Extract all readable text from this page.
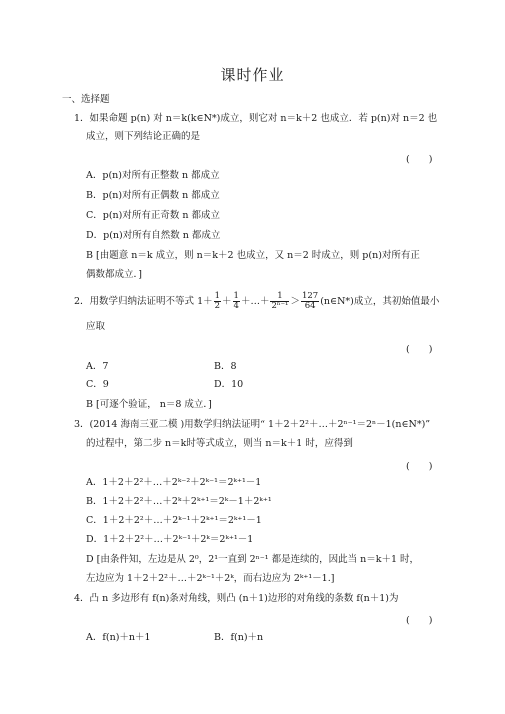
课时作业
一、选择题
1．如果命题 p(n) 对 n＝k(k∈N*)成立，则它对 n＝k＋2 也成立．若 p(n)对 n＝2 也
成立，则下列结论正确的是
(　　)
A．p(n)对所有正整数 n 都成立
B．p(n)对所有正偶数 n 都成立
C．p(n)对所有正奇数 n 都成立
D．p(n)对所有自然数 n 都成立
B [由题意 n＝k 成立，则 n＝k＋2 也成立，又 n＝2 时成立，则 p(n)对所有正
偶数都成立．]
2．用数学归纳法证明不等式 $1+ \frac{1}{2} + \frac{1}{4}$ ＋…＋ $\frac{1}{\text{2ⁿ⁻¹}} > \frac{127}{64}$ (n∈N*)成立，其初始值最小
应取
(　　)
A．7	B．8
C．9	D．10
B [可逐个验证， n＝8 成立．]
3．(2014 海南三亚二模 )用数学归纳法证明“ 1＋2＋2²＋…＋2ⁿ⁻¹＝2ⁿ－1(n∈N*)”
的过程中，第二步 n＝k时等式成立，则当 n＝k＋1 时，应得到
(　　)
A．1＋2＋2²＋…＋2ᵏ⁻²＋2ᵏ⁻¹＝2ᵏ⁺¹－1
B．1＋2＋2²＋…＋2ᵏ＋2ᵏ⁺¹＝2ᵏ－1＋2ᵏ⁺¹
C．1＋2＋2²＋…＋2ᵏ⁻¹＋2ᵏ⁺¹＝2ᵏ⁺¹－1
D．1＋2＋2²＋…＋2ᵏ⁻¹＋2ᵏ＝2ᵏ⁺¹－1
D [由条件知，左边是从 2⁰，2¹一直到 2ⁿ⁻¹ 都是连续的，因此当 n＝k＋1 时，
左边应为 1＋2＋2²＋…＋2ᵏ⁻¹＋2ᵏ，而右边应为 2ᵏ⁺¹－1.]
4．凸 n 多边形有 f(n)条对角线，则凸 (n＋1)边形的对角线的条数 f(n＋1)为
(　　)
A．f(n)＋n＋1	B．f(n)＋n
